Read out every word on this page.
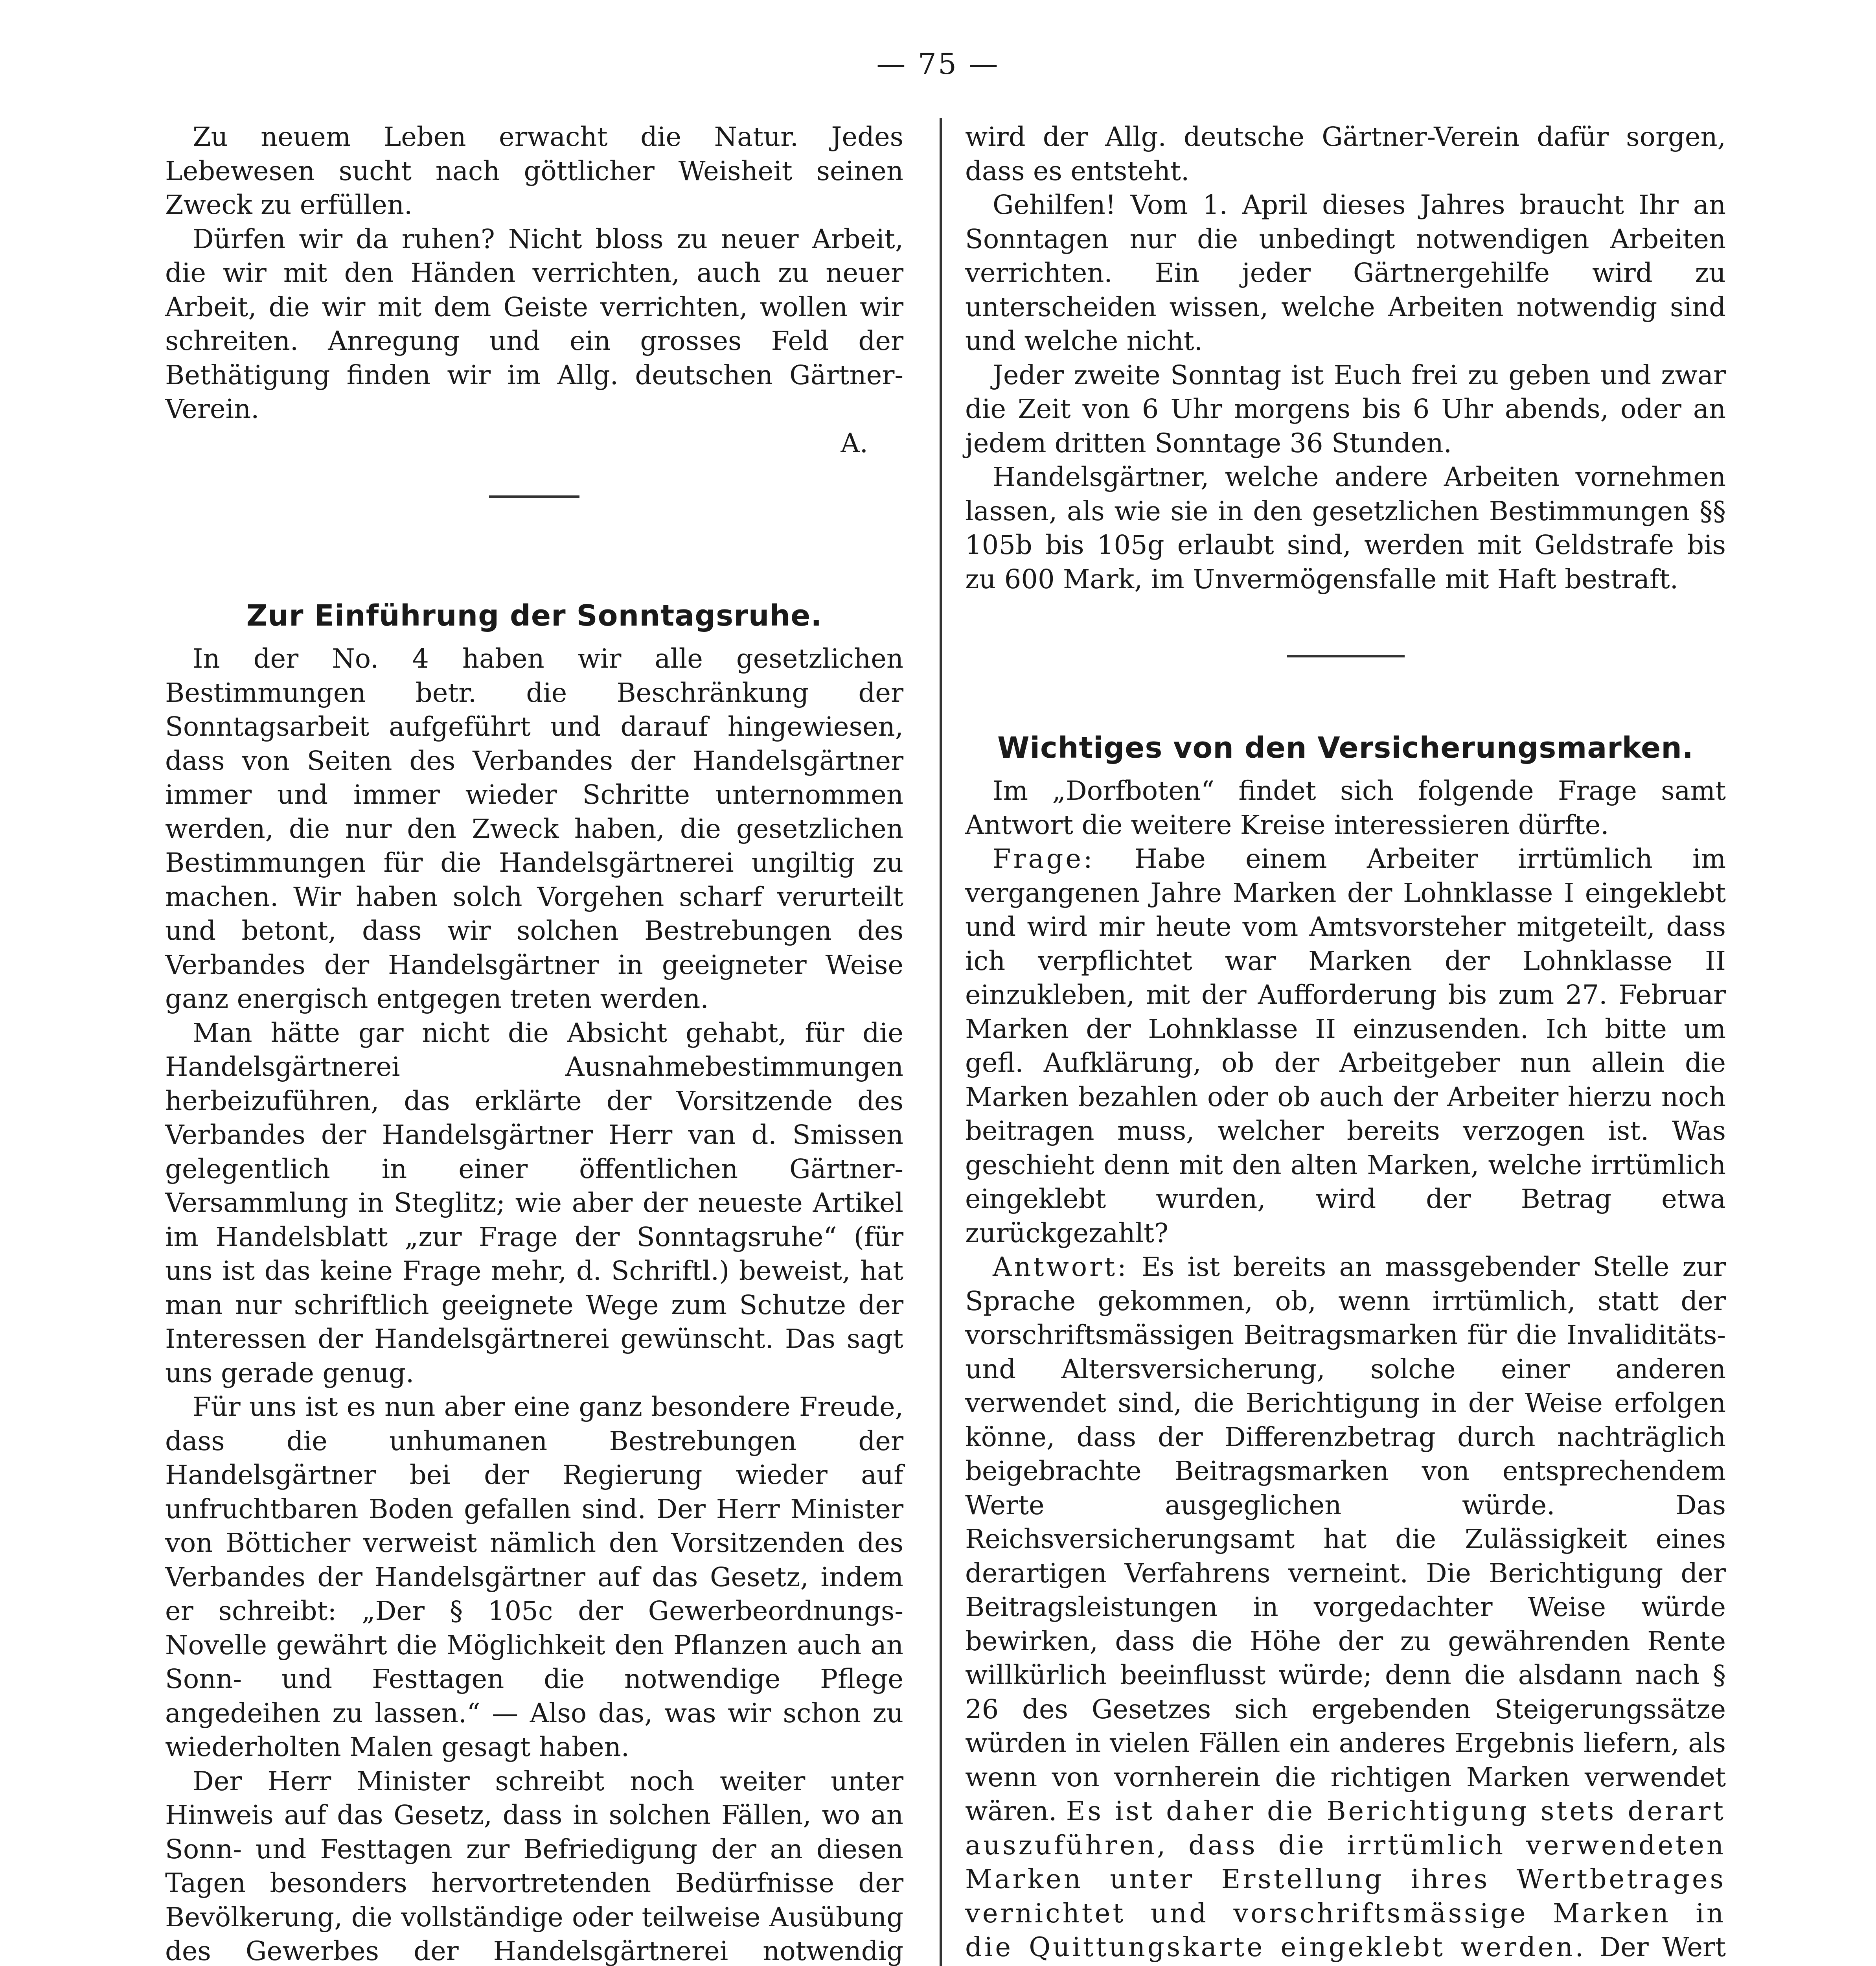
— 75 —

Zu neuem Leben erwacht die Natur. Jedes Lebewesen sucht nach göttlicher Weisheit seinen Zweck zu erfüllen.

Dürfen wir da ruhen? Nicht bloss zu neuer Arbeit, die wir mit den Händen verrichten, auch zu neuer Arbeit, die wir mit dem Geiste verrichten, wollen wir schreiten. Anregung und ein grosses Feld der Bethätigung finden wir im Allg. deutschen Gärtner-Verein.

A.

Zur Einführung der Sonntagsruhe.

In der No. 4 haben wir alle gesetzlichen Bestimmungen betr. die Beschränkung der Sonntagsarbeit aufgeführt und darauf hingewiesen, dass von Seiten des Verbandes der Handelsgärtner immer und immer wieder Schritte unternommen werden, die nur den Zweck haben, die gesetzlichen Bestimmungen für die Handelsgärtnerei ungiltig zu machen. Wir haben solch Vorgehen scharf verurteilt und betont, dass wir solchen Bestrebungen des Verbandes der Handelsgärtner in geeigneter Weise ganz energisch entgegen treten werden.

Man hätte gar nicht die Absicht gehabt, für die Handelsgärtnerei Ausnahmebestimmungen herbeizuführen, das erklärte der Vorsitzende des Verbandes der Handelsgärtner Herr van d. Smissen gelegentlich in einer öffentlichen Gärtner-Versammlung in Steglitz; wie aber der neueste Artikel im Handelsblatt „zur Frage der Sonntagsruhe“ (für uns ist das keine Frage mehr, d. Schriftl.) beweist, hat man nur schriftlich geeignete Wege zum Schutze der Interessen der Handelsgärtnerei gewünscht. Das sagt uns gerade genug.

Für uns ist es nun aber eine ganz besondere Freude, dass die unhumanen Bestrebungen der Handelsgärtner bei der Regierung wieder auf unfruchtbaren Boden gefallen sind. Der Herr Minister von Bötticher verweist nämlich den Vorsitzenden des Verbandes der Handelsgärtner auf das Gesetz, indem er schreibt: „Der § 105c der Gewerbeordnungs-Novelle gewährt die Möglichkeit den Pflanzen auch an Sonn- und Festtagen die notwendige Pflege angedeihen zu lassen.“ — Also das, was wir schon zu wiederholten Malen gesagt haben.

Der Herr Minister schreibt noch weiter unter Hinweis auf das Gesetz, dass in solchen Fällen, wo an Sonn- und Festtagen zur Befriedigung der an diesen Tagen besonders hervortretenden Bedürfnisse der Bevölkerung, die vollständige oder teilweise Ausübung des Gewerbes der Handelsgärtnerei notwendig

wird der Allg. deutsche Gärtner-Verein dafür sorgen, dass es entsteht.

Gehilfen! Vom 1. April dieses Jahres braucht Ihr an Sonntagen nur die unbedingt notwendigen Arbeiten verrichten. Ein jeder Gärtnergehilfe wird zu unterscheiden wissen, welche Arbeiten notwendig sind und welche nicht.

Jeder zweite Sonntag ist Euch frei zu geben und zwar die Zeit von 6 Uhr morgens bis 6 Uhr abends, oder an jedem dritten Sonntage 36 Stunden.

Handelsgärtner, welche andere Arbeiten vornehmen lassen, als wie sie in den gesetzlichen Bestimmungen §§ 105b bis 105g erlaubt sind, werden mit Geldstrafe bis zu 600 Mark, im Unvermögensfalle mit Haft bestraft.

Wichtiges von den Versicherungsmarken.

Im „Dorfboten“ findet sich folgende Frage samt Antwort die weitere Kreise interessieren dürfte.

Frage: Habe einem Arbeiter irrtümlich im vergangenen Jahre Marken der Lohnklasse I eingeklebt und wird mir heute vom Amtsvorsteher mitgeteilt, dass ich verpflichtet war Marken der Lohnklasse II einzukleben, mit der Aufforderung bis zum 27. Februar Marken der Lohnklasse II einzusenden. Ich bitte um gefl. Aufklärung, ob der Arbeitgeber nun allein die Marken bezahlen oder ob auch der Arbeiter hierzu noch beitragen muss, welcher bereits verzogen ist. Was geschieht denn mit den alten Marken, welche irrtümlich eingeklebt wurden, wird der Betrag etwa zurückgezahlt?

Antwort: Es ist bereits an massgebender Stelle zur Sprache gekommen, ob, wenn irrtümlich, statt der vorschriftsmässigen Beitragsmarken für die Invaliditäts- und Altersversicherung, solche einer anderen verwendet sind, die Berichtigung in der Weise erfolgen könne, dass der Differenzbetrag durch nachträglich beigebrachte Beitragsmarken von entsprechendem Werte ausgeglichen würde. Das Reichsversicherungsamt hat die Zulässigkeit eines derartigen Verfahrens verneint. Die Berichtigung der Beitragsleistungen in vorgedachter Weise würde bewirken, dass die Höhe der zu gewährenden Rente willkürlich beeinflusst würde; denn die alsdann nach § 26 des Gesetzes sich ergebenden Steigerungssätze würden in vielen Fällen ein anderes Ergebnis liefern, als wenn von vornherein die richtigen Marken verwendet wären. Es ist daher die Berichtigung stets derart auszuführen, dass die irrtümlich verwendeten Marken unter Erstellung ihres Wertbetrages vernichtet und vorschriftsmässige Marken in die Quittungskarte eingeklebt werden. Der Wert
